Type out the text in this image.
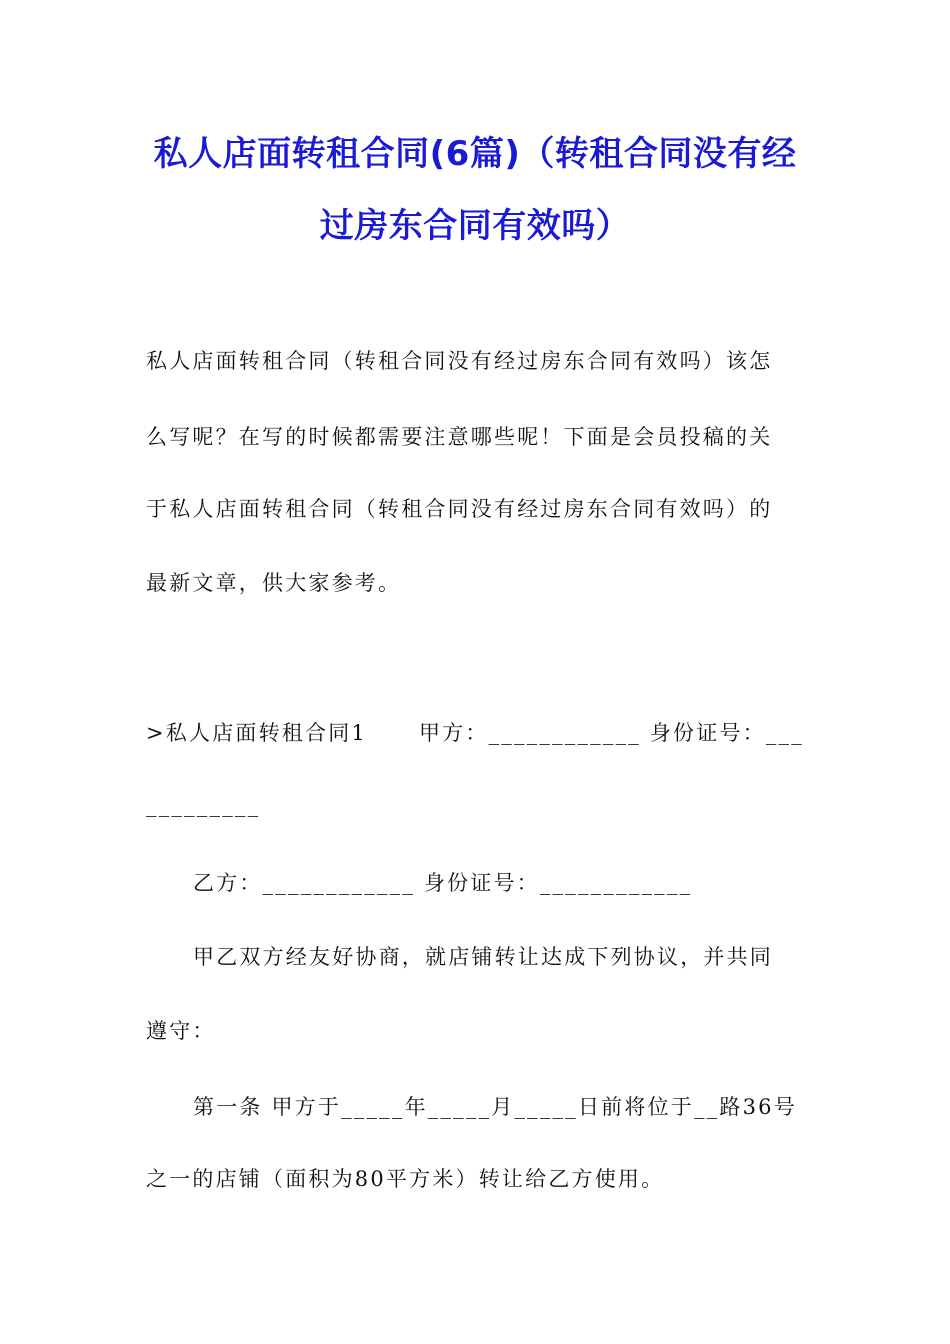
私人店面转租合同(6篇)（转租合同没有经
过房东合同有效吗）
私人店面转租合同（转租合同没有经过房东合同有效吗）该怎
么写呢？在写的时候都需要注意哪些呢！下面是会员投稿的关
于私人店面转租合同（转租合同没有经过房东合同有效吗）的
最新文章，供大家参考。
>私人店面转租合同1 甲方：____________ 身份证号：___
_________
乙方：____________ 身份证号：____________
甲乙双方经友好协商，就店铺转让达成下列协议，并共同
遵守：
第一条 甲方于_____年_____月_____日前将位于__路36号
之一的店铺（面积为80平方米）转让给乙方使用。
